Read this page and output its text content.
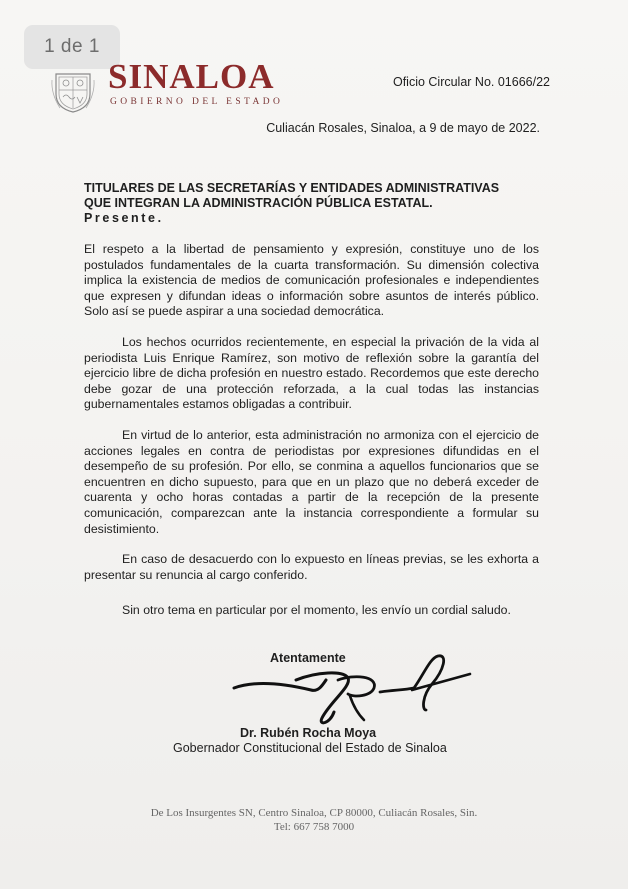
1 de 1
SINALOA
GOBIERNO DEL ESTADO
Oficio Circular No. 01666/22
Culiacán Rosales, Sinaloa, a 9 de mayo de 2022.
TITULARES DE LAS SECRETARÍAS Y ENTIDADES ADMINISTRATIVAS
QUE INTEGRAN LA ADMINISTRACIÓN PÚBLICA ESTATAL.
Presente.

El respeto a la libertad de pensamiento y expresión, constituye uno de los postulados fundamentales de la cuarta transformación. Su dimensión colectiva implica la existencia de medios de comunicación profesionales e independientes que expresen y difundan ideas o información sobre asuntos de interés público. Solo así se puede aspirar a una sociedad democrática.

Los hechos ocurridos recientemente, en especial la privación de la vida al periodista Luis Enrique Ramírez, son motivo de reflexión sobre la garantía del ejercicio libre de dicha profesión en nuestro estado. Recordemos que este derecho debe gozar de una protección reforzada, a la cual todas las instancias gubernamentales estamos obligadas a contribuir.

En virtud de lo anterior, esta administración no armoniza con el ejercicio de acciones legales en contra de periodistas por expresiones difundidas en el desempeño de su profesión. Por ello, se conmina a aquellos funcionarios que se encuentren en dicho supuesto, para que en un plazo que no deberá exceder de cuarenta y ocho horas contadas a partir de la recepción de la presente comunicación, comparezcan ante la instancia correspondiente a formular su desistimiento.

En caso de desacuerdo con lo expuesto en líneas previas, se les exhorta a presentar su renuncia al cargo conferido.

Sin otro tema en particular por el momento, les envío un cordial saludo.
Atentamente
Dr. Rubén Rocha Moya
Gobernador Constitucional del Estado de Sinaloa
De Los Insurgentes SN, Centro Sinaloa, CP 80000, Culiacán Rosales, Sin.
Tel: 667 758 7000
